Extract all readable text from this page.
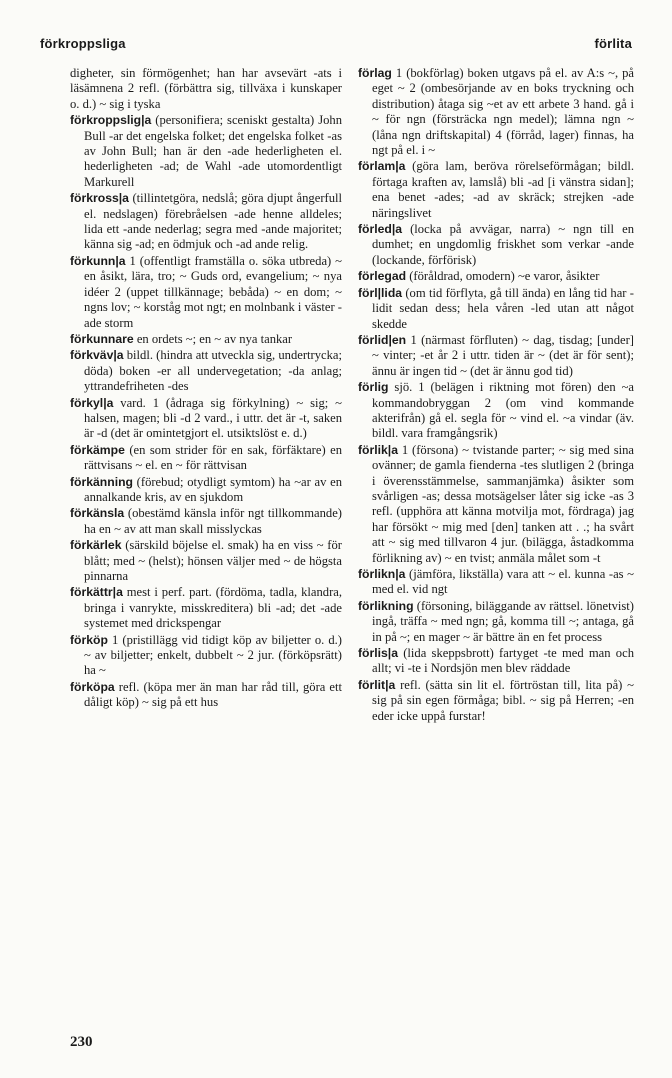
förkroppsliga	förlita

digheter, sin förmögenhet; han har avsevärt -ats i läsämnena 2 refl. (förbättra sig, tillväxa i kunskaper o. d.) ~ sig i tyska

förkroppslig|a (personifiera; sceniskt gestalta) John Bull -ar det engelska folket; det engelska folket -as av John Bull; han är den -ade hederligheten el. hederligheten -ad; de Wahl -ade utomordentligt Markurell

förkross|a (tillintetgöra, nedslå; göra djupt ångerfull el. nedslagen) förebråelsen -ade henne alldeles; lida ett -ande nederlag; segra med -ande majoritet; känna sig -ad; en ödmjuk och -ad ande relig.

förkunn|a 1 (offentligt framställa o. söka utbreda) ~ en åsikt, lära, tro; ~ Guds ord, evangelium; ~ nya idéer 2 (uppet tillkännage; bebåda) ~ en dom; ~ ngns lov; ~ korståg mot ngt; en molnbank i väster -ade storm

förkunnare en ordets ~; en ~ av nya tankar

förkväv|a bildl. (hindra att utveckla sig, undertrycka; döda) boken -er all undervegetation; -da anlag; yttrandefriheten -des

förkyl|a vard. 1 (ådraga sig förkylning) ~ sig; ~ halsen, magen; bli -d 2 vard., i uttr. det är -t, saken är -d (det är omintetgjort el. utsiktslöst e. d.)

förkämpe (en som strider för en sak, förfäktare) en rättvisans ~ el. en ~ för rättvisan

förkänning (förebud; otydligt symtom) ha ~ar av en annalkande kris, av en sjukdom

förkänsla (obestämd känsla inför ngt tillkommande) ha en ~ av att man skall misslyckas

förkärlek (särskild böjelse el. smak) ha en viss ~ för blått; med ~ (helst); hönsen väljer med ~ de högsta pinnarna

förkättr|a mest i perf. part. (fördöma, tadla, klandra, bringa i vanrykte, misskreditera) bli -ad; det -ade systemet med drickspengar

förköp 1 (pristillägg vid tidigt köp av biljetter o. d.) ~ av biljetter; enkelt, dubbelt ~ 2 jur. (förköpsrätt) ha ~

förköpa refl. (köpa mer än man har råd till, göra ett dåligt köp) ~ sig på ett hus

förlag 1 (bokförlag) boken utgavs på el. av A:s ~, på eget ~ 2 (ombesörjande av en boks tryckning och distribution) åtaga sig ~et av ett arbete 3 hand. gå i ~ för ngn (försträcka ngn medel); lämna ngn ~ (låna ngn driftskapital) 4 (förråd, lager) finnas, ha ngt på el. i ~

förlam|a (göra lam, beröva rörelseförmågan; bildl. förtaga kraften av, lamslå) bli -ad [i vänstra sidan]; ena benet -ades; -ad av skräck; strejken -ade näringslivet

förled|a (locka på avvägar, narra) ~ ngn till en dumhet; en ungdomlig friskhet som verkar -ande (lockande, förförisk)

förlegad (föråldrad, omodern) ~e varor, åsikter

förl|lida (om tid förflyta, gå till ända) en lång tid har -lidit sedan dess; hela våren -led utan att något skedde

förlid|en 1 (närmast förfluten) ~ dag, tisdag; [under] ~ vinter; -et år 2 i uttr. tiden är ~ (det är för sent); ännu är ingen tid ~ (det är ännu god tid)

förlig sjö. 1 (belägen i riktning mot fören) den ~a kommandobryggan 2 (om vind kommande akterifrån) gå el. segla för ~ vind el. ~a vindar (äv. bildl. vara framgångsrik)

förlik|a 1 (försona) ~ tvistande parter; ~ sig med sina ovänner; de gamla fienderna -tes slutligen 2 (bringa i överensstämmelse, sammanjämka) åsikter som svårligen -as; dessa motsägelser låter sig icke -as 3 refl. (upphöra att känna motvilja mot, fördraga) jag har försökt ~ mig med [den] tanken att . .; ha svårt att ~ sig med tillvaron 4 jur. (bilägga, åstadkomma förlikning av) ~ en tvist; anmäla målet som -t

förlikn|a (jämföra, likställa) vara att ~ el. kunna -as ~ med el. vid ngt

förlikning (försoning, biläggande av rättsel. lönetvist) ingå, träffa ~ med ngn; gå, komma till ~; antaga, gå in på ~; en mager ~ är bättre än en fet process

förlis|a (lida skeppsbrott) fartyget -te med man och allt; vi -te i Nordsjön men blev räddade

förlit|a refl. (sätta sin lit el. förtröstan till, lita på) ~ sig på sin egen förmåga; bibl. ~ sig på Herren; -en eder icke uppå furstar!

230
